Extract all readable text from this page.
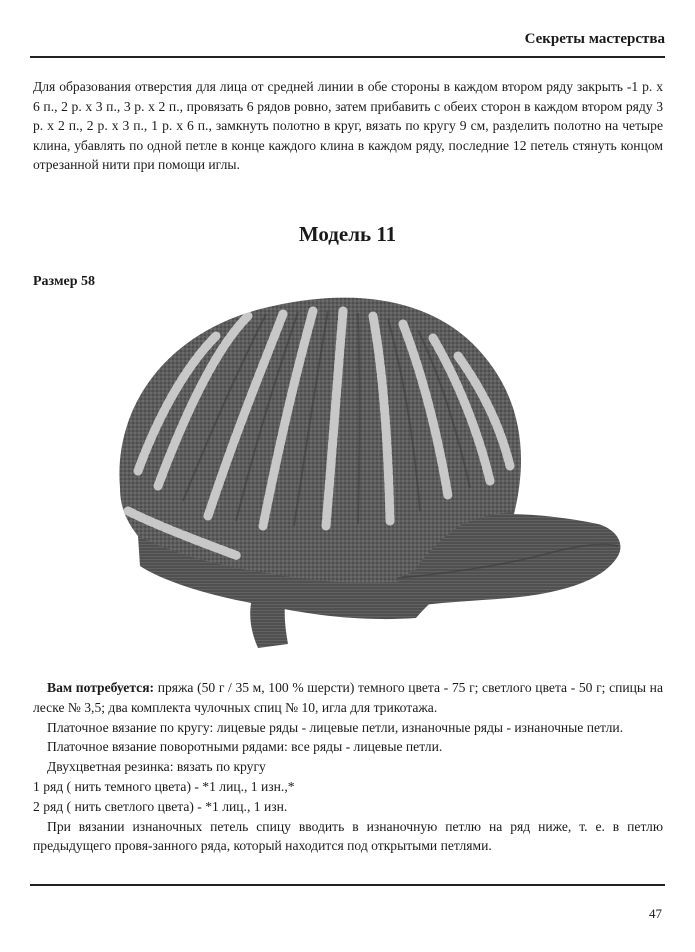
Секреты мастерства
Для образования отверстия для лица от средней линии в обе стороны в каждом втором ряду закрыть -1 р. х 6 п., 2 р. х 3 п., 3 р. х 2 п., провязать 6 рядов ровно, затем прибавить с обеих сторон в каждом втором ряду 3 р. х 2 п., 2 р. х 3 п., 1 р. х 6 п., замкнуть полотно в круг, вязать по кругу 9 см, разделить полотно на четыре клина, убавлять по одной петле в конце каждого клина в каждом ряду, последние 12 петель стянуть концом отрезанной нити при помощи иглы.
Модель 11
Размер 58

Вам потребуется: пряжа (50 г / 35 м, 100 % шерсти) темного цвета - 75 г; светлого цвета - 50 г; спицы на леске № 3,5; два комплекта чулочных спиц № 10, игла для трикотажа.

Платочное вязание по кругу: лицевые ряды - лицевые петли, изнаночные ряды - изнаночные петли.

Платочное вязание поворотными рядами: все ряды - лицевые петли.

Двухцветная резинка: вязать по кругу

1 ряд ( нить темного цвета) - *1 лиц., 1 изн.,*

2 ряд ( нить светлого цвета) - *1 лиц., 1 изн.

При вязании изнаночных петель спицу вводить в изнаночную петлю на ряд ниже, т. е. в петлю предыдущего провя-занного ряда, который находится под открытыми петлями.

47
